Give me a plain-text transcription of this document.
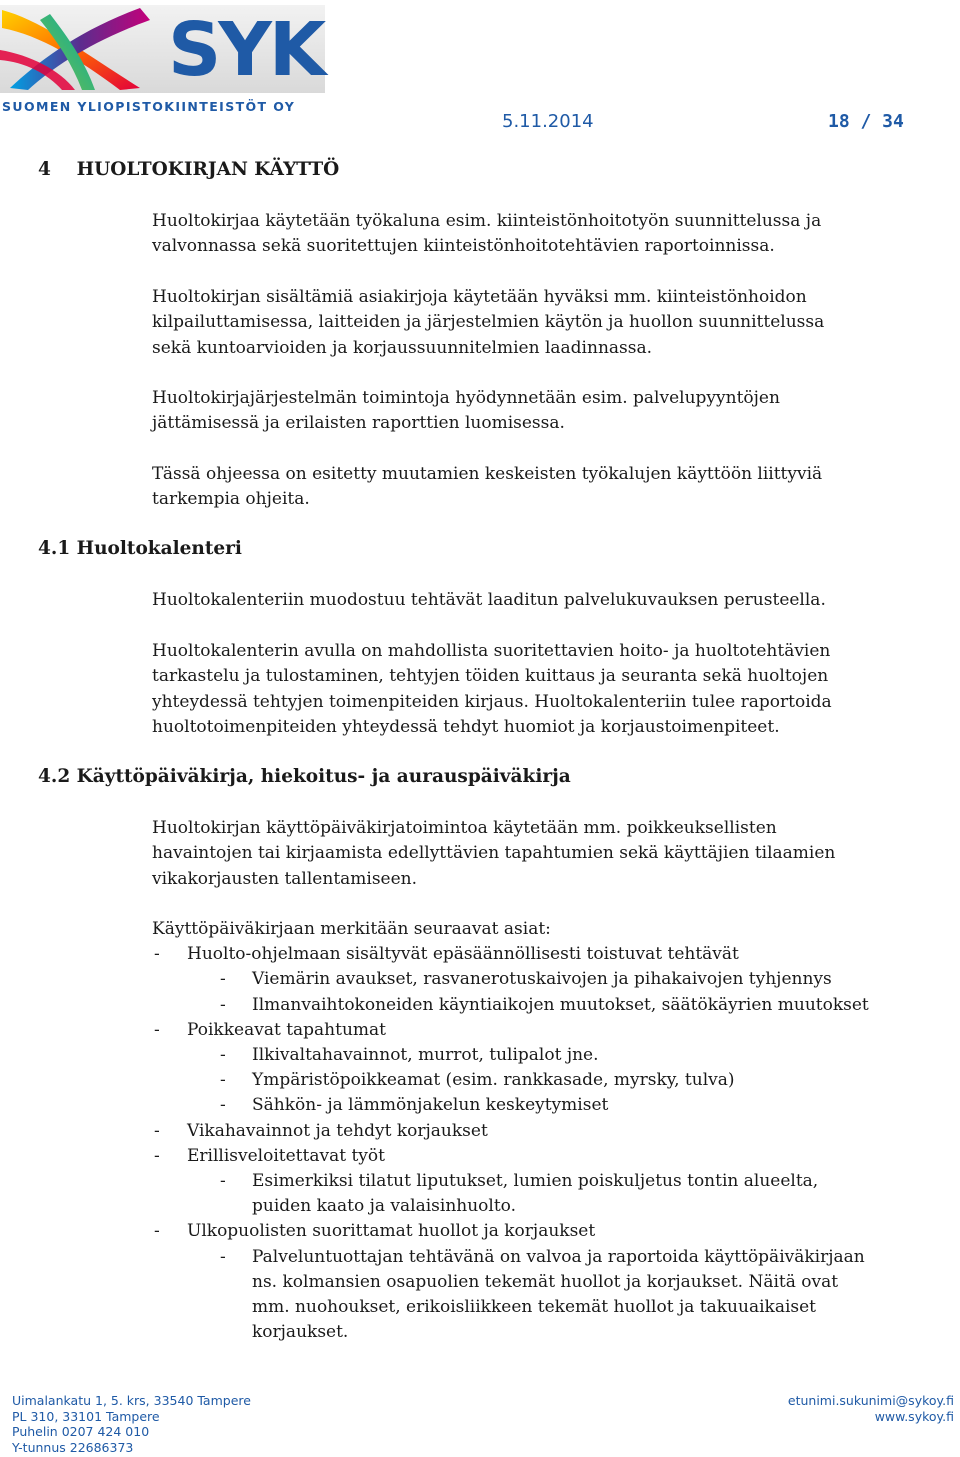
SYK
SUOMEN YLIOPISTOKIINTEISTÖT OY
5.11.2014	18 / 34
4    HUOLTOKIRJAN KÄYTTÖ
Huoltokirjaa käytetään työkaluna esim. kiinteistönhoitotyön suunnittelussa ja
valvonnassa sekä suoritettujen kiinteistönhoitotehtävien raportoinnissa.
Huoltokirjan sisältämiä asiakirjoja käytetään hyväksi mm. kiinteistönhoidon
kilpailuttamisessa, laitteiden ja järjestelmien käytön ja huollon suunnittelussa
sekä kuntoarvioiden ja korjaussuunnitelmien laadinnassa.
Huoltokirjajärjestelmän toimintoja hyödynnetään esim. palvelupyyntöjen
jättämisessä ja erilaisten raporttien luomisessa.
Tässä ohjeessa on esitetty muutamien keskeisten työkalujen käyttöön liittyviä
tarkempia ohjeita.
4.1 Huoltokalenteri
Huoltokalenteriin muodostuu tehtävät laaditun palvelukuvauksen perusteella.
Huoltokalenterin avulla on mahdollista suoritettavien hoito- ja huoltotehtävien
tarkastelu ja tulostaminen, tehtyjen töiden kuittaus ja seuranta sekä huoltojen
yhteydessä tehtyjen toimenpiteiden kirjaus. Huoltokalenteriin tulee raportoida
huoltotoimenpiteiden yhteydessä tehdyt huomiot ja korjaustoimenpiteet.
4.2 Käyttöpäiväkirja, hiekoitus- ja aurauspäiväkirja
Huoltokirjan käyttöpäiväkirjatoimintoa käytetään mm. poikkeuksellisten
havaintojen tai kirjaamista edellyttävien tapahtumien sekä käyttäjien tilaamien
vikakorjausten tallentamiseen.
Käyttöpäiväkirjaan merkitään seuraavat asiat:
- Huolto-ohjelmaan sisältyvät epäsäännöllisesti toistuvat tehtävät
- Viemärin avaukset, rasvanerotuskaivojen ja pihakaivojen tyhjennys
- Ilmanvaihtokoneiden käyntiaikojen muutokset, säätökäyrien muutokset
- Poikkeavat tapahtumat
- Ilkivaltahavainnot, murrot, tulipalot jne.
- Ympäristöpoikkeamat (esim. rankkasade, myrsky, tulva)
- Sähkön- ja lämmönjakelun keskeytymiset
- Vikahavainnot ja tehdyt korjaukset
- Erillisveloitettavat työt
- Esimerkiksi tilatut liputukset, lumien poiskuljetus tontin alueelta,
puiden kaato ja valaisinhuolto.
- Ulkopuolisten suorittamat huollot ja korjaukset
- Palveluntuottajan tehtävänä on valvoa ja raportoida käyttöpäiväkirjaan
ns. kolmansien osapuolien tekemät huollot ja korjaukset. Näitä ovat
mm. nuohoukset, erikoisliikkeen tekemät huollot ja takuuaikaiset
korjaukset.
Uimalankatu 1, 5. krs, 33540 Tampere
PL 310, 33101 Tampere
Puhelin 0207 424 010
Y-tunnus 22686373
etunimi.sukunimi@sykoy.fi
www.sykoy.fi
